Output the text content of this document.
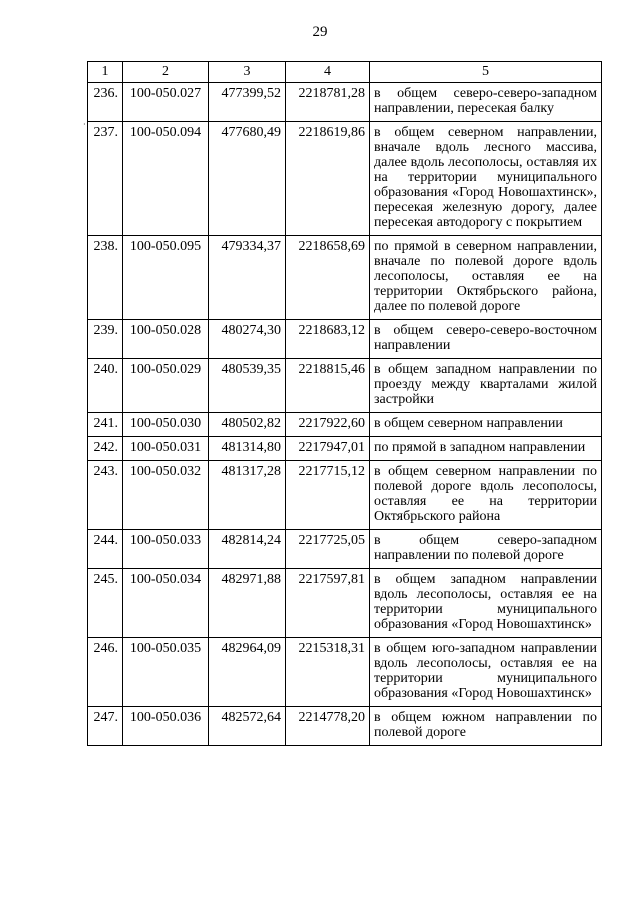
29
·
1	2	3	4	5
236.	100-050.027	477399,52	2218781,28	в общем северо-северо-западном направлении, пересекая балку
237.	100-050.094	477680,49	2218619,86	в общем северном направлении, вначале вдоль лесного массива, далее вдоль лесополосы, оставляя их на территории муниципального образования «Город Новошахтинск», пересекая железную дорогу, далее пересекая автодорогу с покрытием
238.	100-050.095	479334,37	2218658,69	по прямой в северном направлении, вначале по полевой дороге вдоль лесополосы, оставляя ее на территории Октябрьского района, далее по полевой дороге
239.	100-050.028	480274,30	2218683,12	в общем северо-северо-восточном направлении
240.	100-050.029	480539,35	2218815,46	в общем западном направлении по проезду между кварталами жилой застройки
241.	100-050.030	480502,82	2217922,60	в общем северном направлении
242.	100-050.031	481314,80	2217947,01	по прямой в западном направлении
243.	100-050.032	481317,28	2217715,12	в общем северном направлении по полевой дороге вдоль лесополосы, оставляя ее на территории Октябрьского района
244.	100-050.033	482814,24	2217725,05	в общем северо-западном направлении по полевой дороге
245.	100-050.034	482971,88	2217597,81	в общем западном направлении вдоль лесополосы, оставляя ее на территории муниципального образования «Город Новошахтинск»
246.	100-050.035	482964,09	2215318,31	в общем юго-западном направлении вдоль лесополосы, оставляя ее на территории муниципального образования «Город Новошахтинск»
247.	100-050.036	482572,64	2214778,20	в общем южном направлении по полевой дороге
